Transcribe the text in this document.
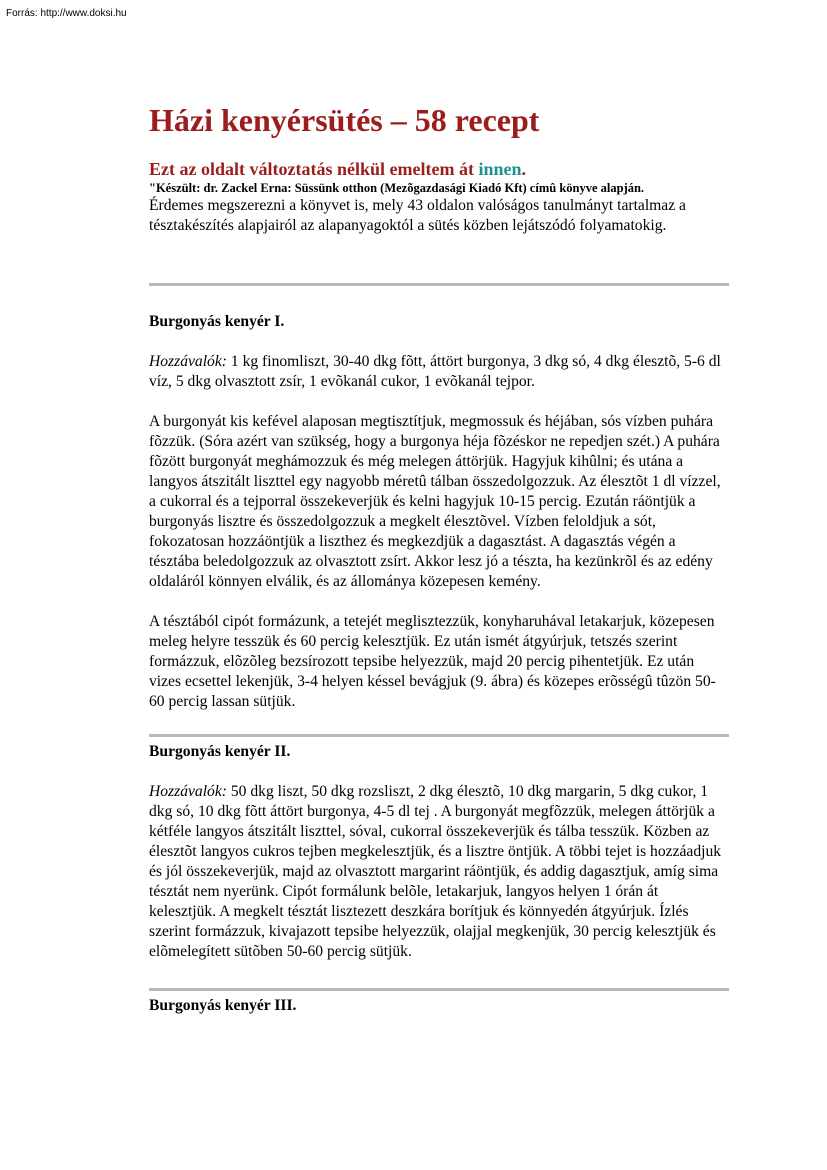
Forrás: http://www.doksi.hu
Házi kenyérsütés – 58 recept
Ezt az oldalt változtatás nélkül emeltem át innen.

"Készült: dr. Zackel Erna: Süssünk otthon (Mezõgazdasági Kiadó Kft) címû könyve alapján.

Érdemes megszerezni a könyvet is, mely 43 oldalon valóságos tanulmányt tartalmaz a tésztakészítés alapjairól az alapanyagoktól a sütés közben lejátszódó folyamatokig.

Burgonyás kenyér I.

Hozzávalók: 1 kg finomliszt, 30-40 dkg fõtt, áttört burgonya, 3 dkg só, 4 dkg élesztõ, 5-6 dl víz, 5 dkg olvasztott zsír, 1 evõkanál cukor, 1 evõkanál tejpor.

A burgonyát kis kefével alaposan megtisztítjuk, megmossuk és héjában, sós vízben puhára fõzzük. (Sóra azért van szükség, hogy a burgonya héja fõzéskor ne repedjen szét.) A puhára fõzött burgonyát meghámozzuk és még melegen áttörjük. Hagyjuk kihûlni; és utána a langyos átszitált liszttel egy nagyobb méretû tálban összedolgozzuk. Az élesztõt 1 dl vízzel, a cukorral és a tejporral összekeverjük és kelni hagyjuk 10-15 percig. Ezután ráöntjük a burgonyás lisztre és összedolgozzuk a megkelt élesztõvel. Vízben feloldjuk a sót, fokozatosan hozzáöntjük a liszthez és megkezdjük a dagasztást. A dagasztás végén a tésztába beledolgozzuk az olvasztott zsírt. Akkor lesz jó a tészta, ha kezünkrõl és az edény oldaláról könnyen elválik, és az állománya közepesen kemény.

A tésztából cipót formázunk, a tetejét meglisztezzük, konyharuhával letakarjuk, közepesen meleg helyre tesszük és 60 percig kelesztjük. Ez után ismét átgyúrjuk, tetszés szerint formázzuk, elõzõleg bezsírozott tepsibe helyezzük, majd 20 percig pihentetjük. Ez után vizes ecsettel lekenjük, 3-4 helyen késsel bevágjuk (9. ábra) és közepes erõsségû tûzön 50-60 percig lassan sütjük.

Burgonyás kenyér II.

Hozzávalók: 50 dkg liszt, 50 dkg rozsliszt, 2 dkg élesztõ, 10 dkg margarin, 5 dkg cukor, 1 dkg só, 10 dkg fõtt áttört burgonya, 4-5 dl tej . A burgonyát megfõzzük, melegen áttörjük a kétféle langyos átszitált liszttel, sóval, cukorral összekeverjük és tálba tesszük. Közben az élesztõt langyos cukros tejben megkelesztjük, és a lisztre öntjük. A többi tejet is hozzáadjuk és jól összekeverjük, majd az olvasztott margarint ráöntjük, és addig dagasztjuk, amíg sima tésztát nem nyerünk. Cipót formálunk belõle, letakarjuk, langyos helyen 1 órán át kelesztjük. A megkelt tésztát lisztezett deszkára borítjuk és könnyedén átgyúrjuk. Ízlés szerint formázzuk, kivajazott tepsibe helyezzük, olajjal megkenjük, 30 percig kelesztjük és elõmelegített sütõben 50-60 percig sütjük.

Burgonyás kenyér III.
